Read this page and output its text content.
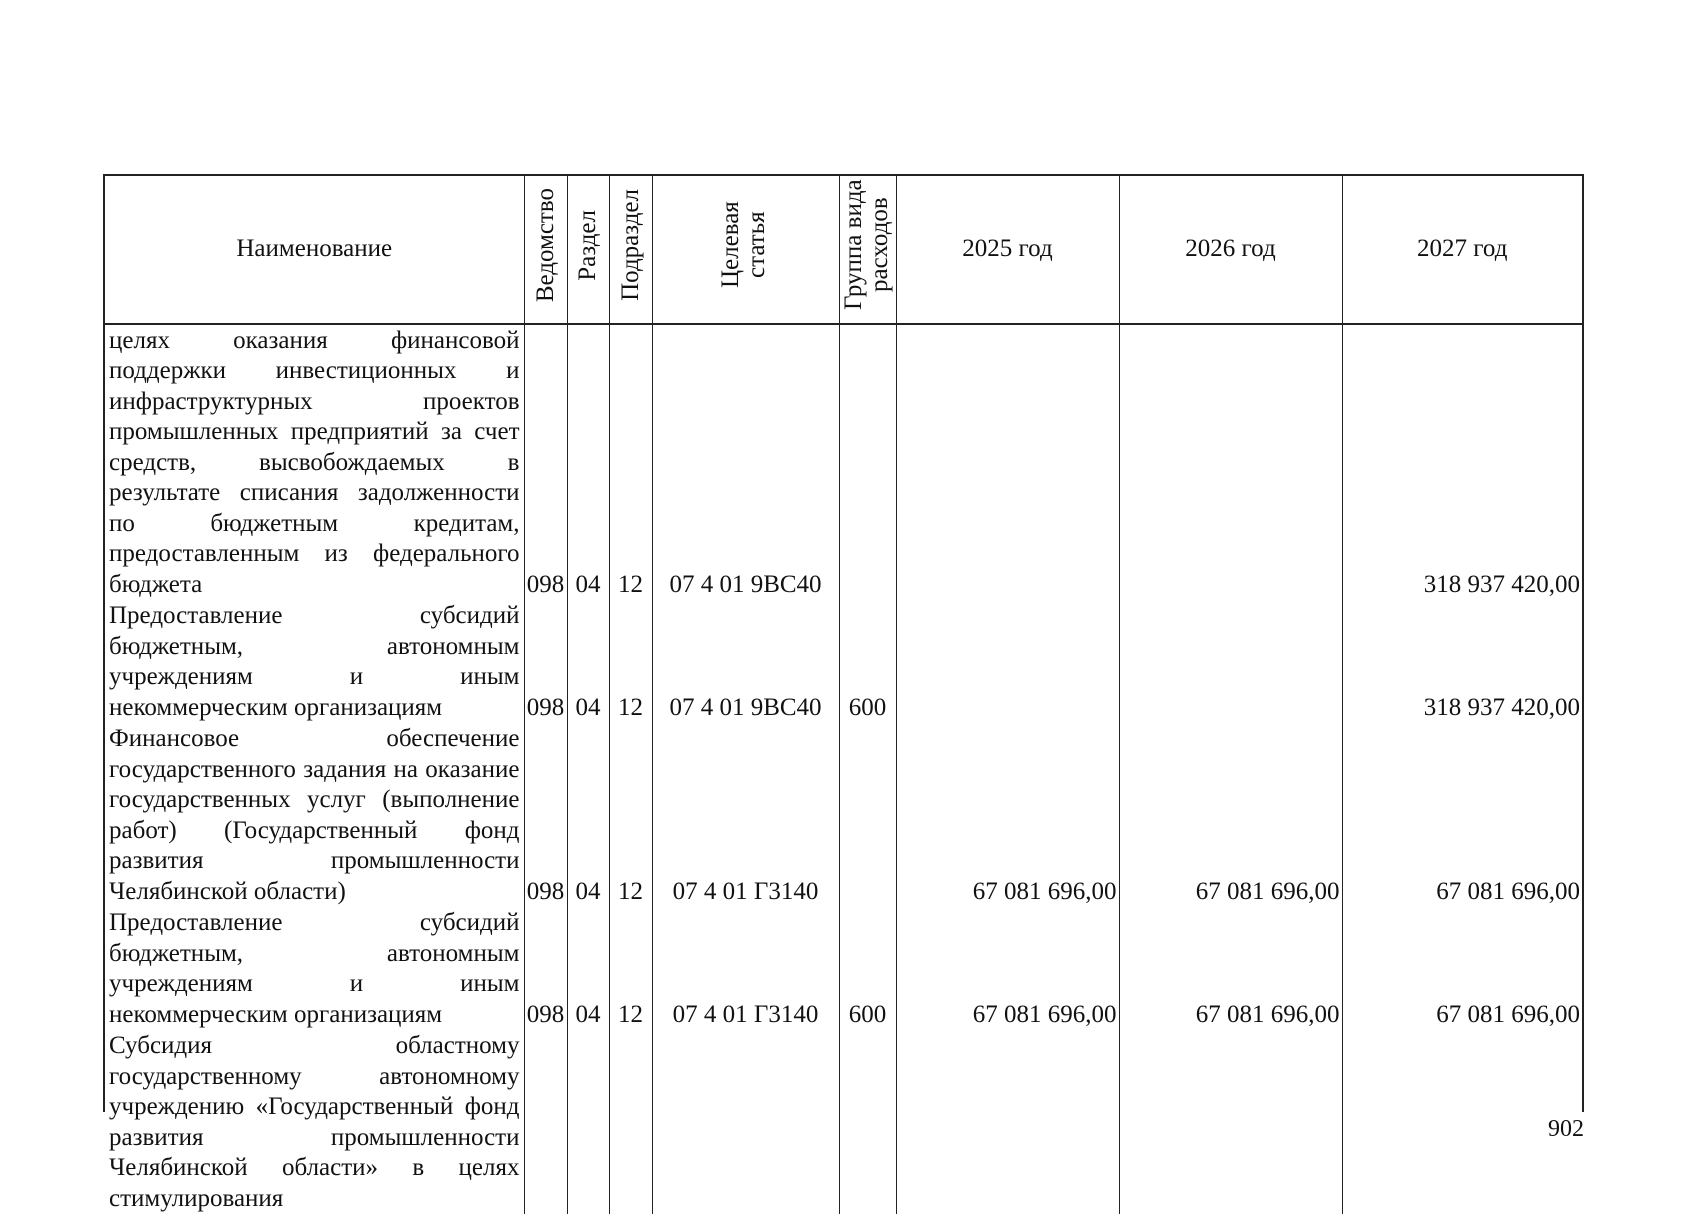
Наименование	Ведомство	Раздел	Подраздел	Целевая статья	Группа вида расходов	2025 год	2026 год	2027 год
целях оказания финансовой поддержки инвестиционных и инфраструктурных проектов промышленных предприятий за счет средств, высвобождаемых в результате списания задолженности по бюджетным кредитам, предоставленным из федерального бюджета	098	04	12	07 4 01 9ВС40				318 937 420,00
Предоставление субсидий бюджетным, автономным учреждениям и иным некоммерческим организациям	098	04	12	07 4 01 9ВС40	600			318 937 420,00
Финансовое обеспечение государственного задания на оказание государственных услуг (выполнение работ) (Государственный фонд развития промышленности Челябинской области)	098	04	12	07 4 01 Г3140		67 081 696,00	67 081 696,00	67 081 696,00
Предоставление субсидий бюджетным, автономным учреждениям и иным некоммерческим организациям	098	04	12	07 4 01 Г3140	600	67 081 696,00	67 081 696,00	67 081 696,00
Субсидия областному государственному автономному учреждению «Государственный фонд развития промышленности Челябинской области» в целях стимулирования								
902
